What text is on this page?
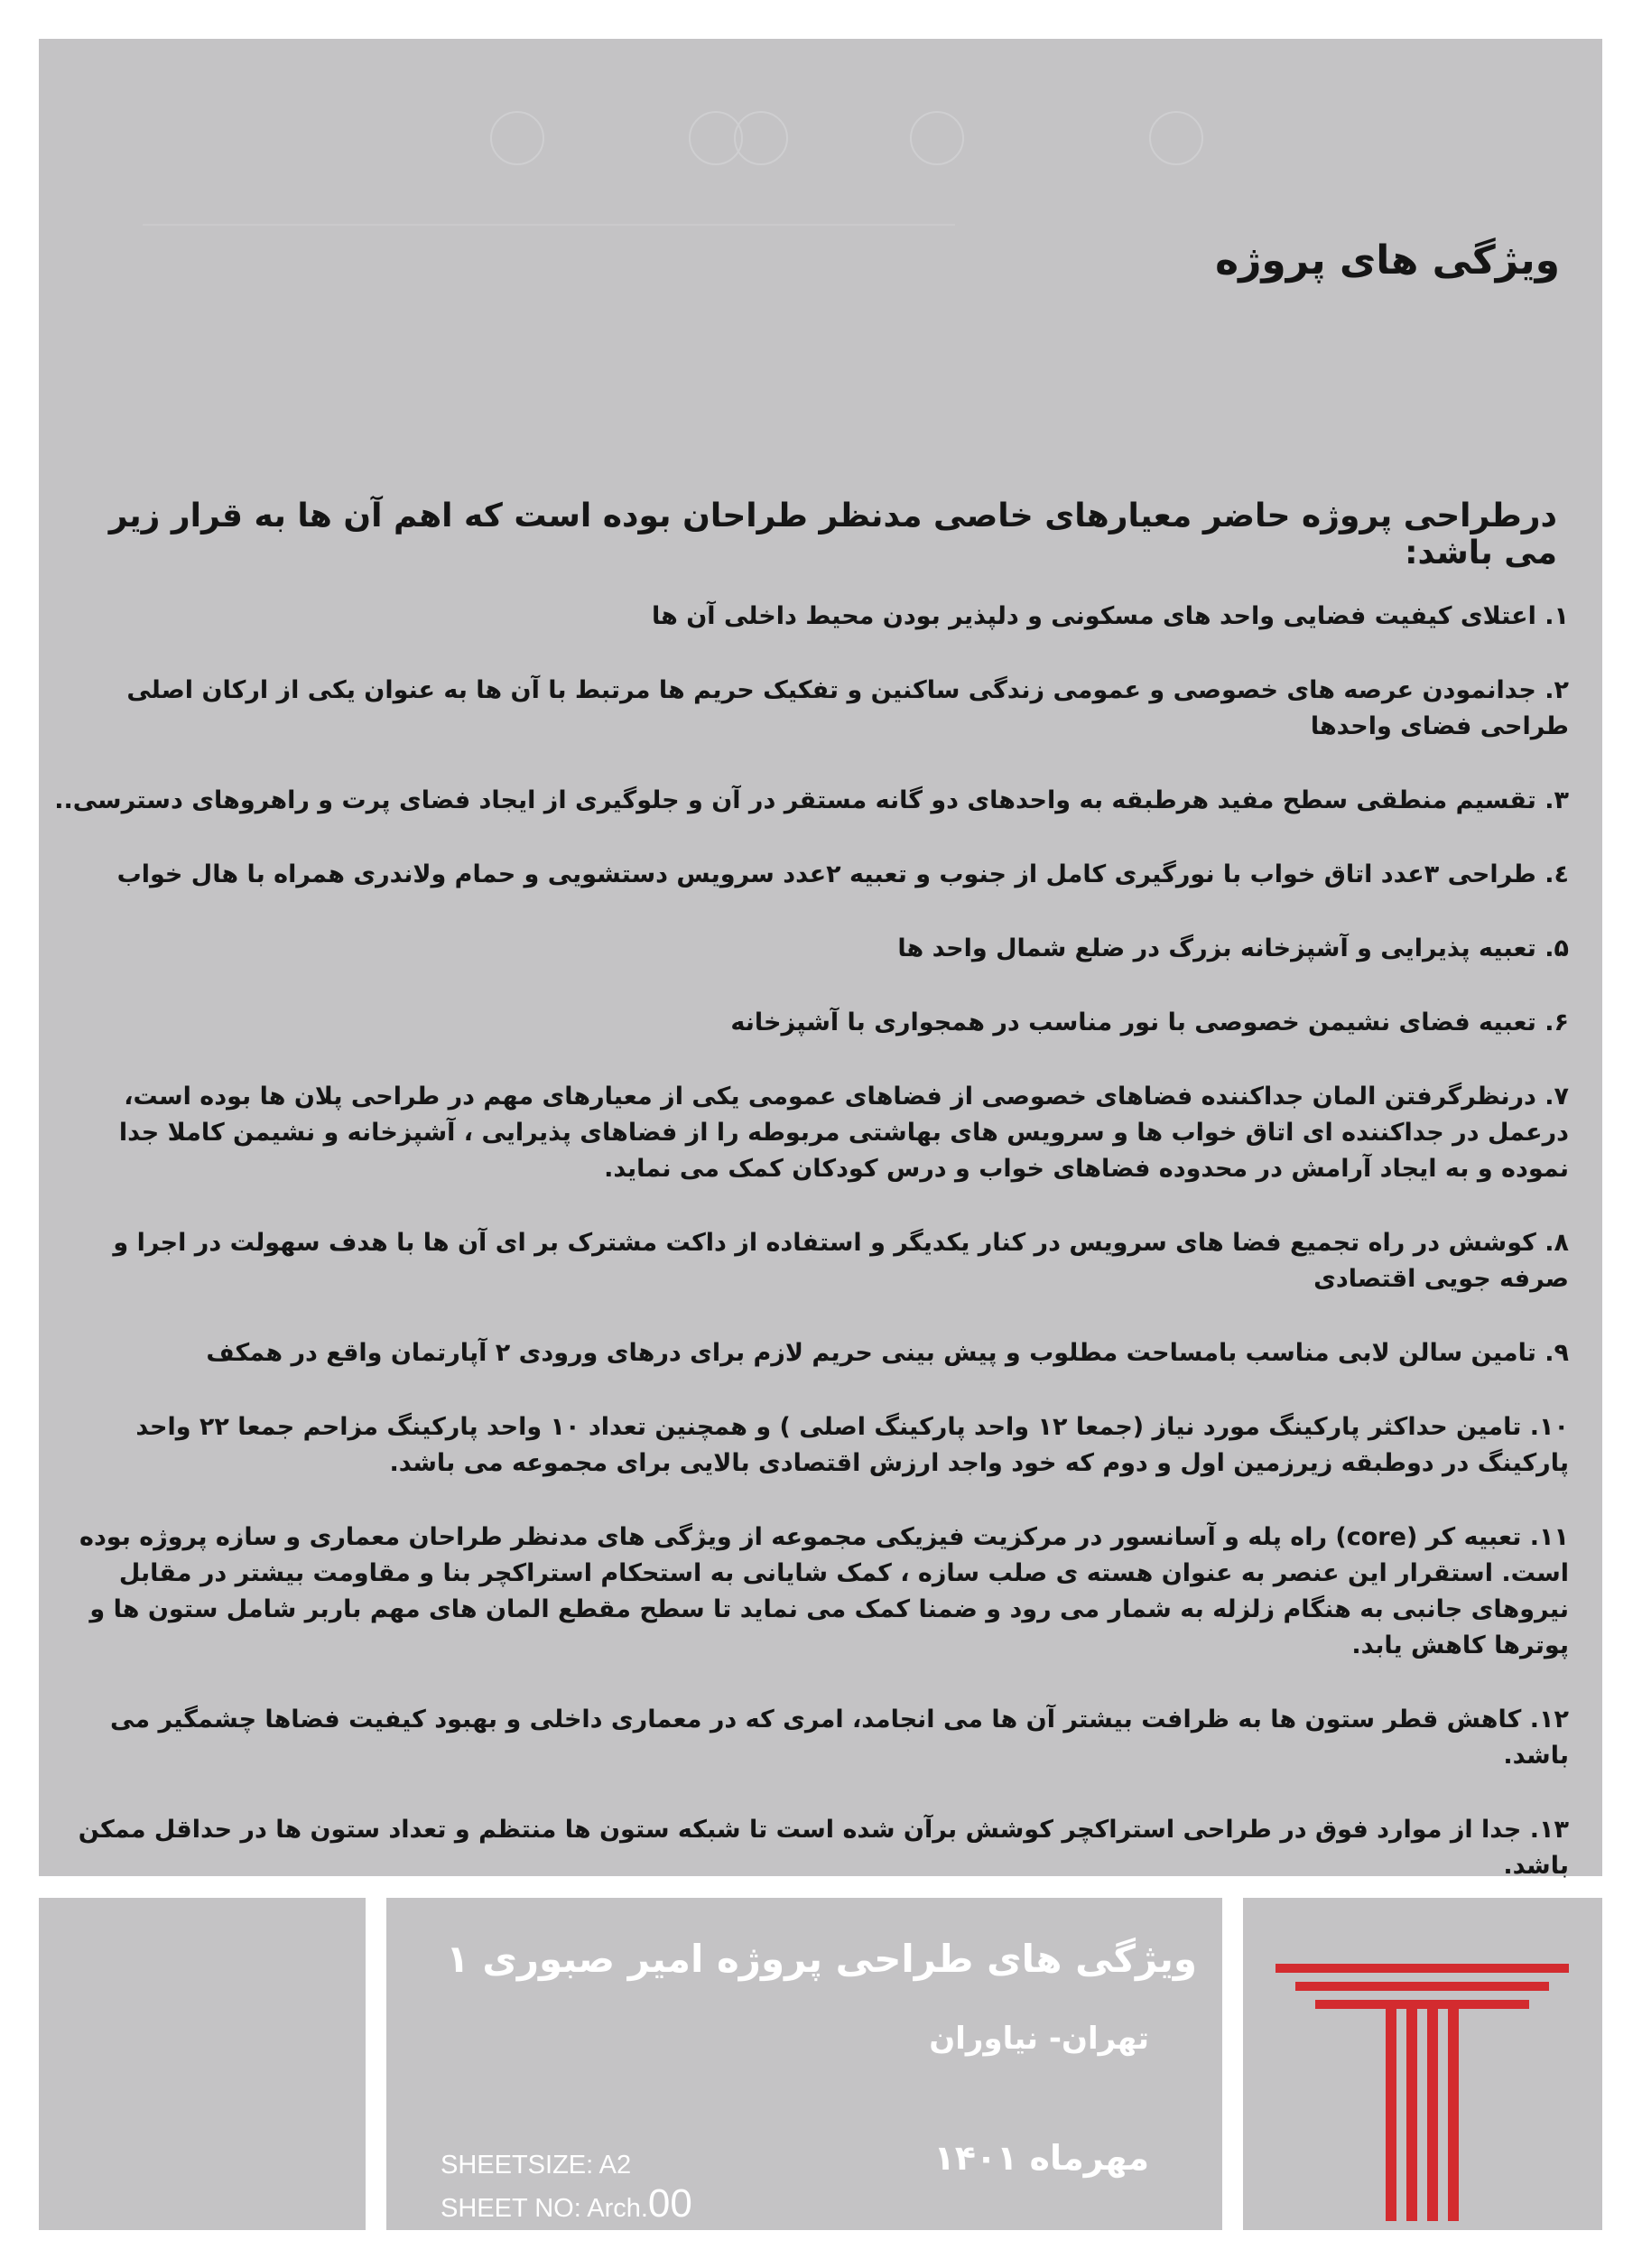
ویژگی های پروژه

درطراحی پروژه حاضر معیارهای خاصی مدنظر طراحان بوده است که اهم آن ها به قرار زیر می باشد:

۱. اعتلای کیفیت فضایی واحد های مسکونی و دلپذیر بودن محیط داخلی آن ها
۲. جدانمودن عرصه های خصوصی و عمومی زندگی ساکنین و تفکیک حریم ها مرتبط با آن ها به عنوان یکی از ارکان اصلی طراحی فضای واحدها
۳. تقسیم منطقی سطح مفید هرطبقه به واحدهای دو گانه مستقر در آن و جلوگیری از ایجاد فضای پرت و راهروهای دسترسی..
٤. طراحی ۳عدد اتاق خواب با نورگیری کامل از جنوب و تعبیه ۲عدد سرویس دستشویی و حمام ولاندری همراه با هال خواب
۵. تعبیه پذیرایی و آشپزخانه بزرگ در ضلع شمال واحد ها
۶. تعبیه فضای نشیمن خصوصی با نور مناسب در همجواری با آشپزخانه
۷. درنظرگرفتن المان جداکننده فضاهای خصوصی از فضاهای عمومی یکی از معیارهای مهم در طراحی پلان ها بوده است، درعمل در جداکننده ای اتاق خواب ها و سرویس های بهاشتی مربوطه را از فضاهای پذیرایی ، آشپزخانه و نشیمن کاملا جدا نموده و به ایجاد آرامش در محدوده فضاهای خواب و درس کودکان کمک می نماید.
۸. کوشش در راه تجمیع فضا های سرویس در کنار یکدیگر و استفاده از داکت مشترک بر ای آن ها با هدف سهولت در اجرا و صرفه جویی اقتصادی
۹. تامین سالن لابی مناسب بامساحت مطلوب و پیش بینی حریم لازم برای درهای ورودی ۲ آپارتمان واقع در همکف
۱۰. تامین حداکثر پارکینگ مورد نیاز (جمعا ۱۲ واحد پارکینگ اصلی ) و همچنین تعداد ۱۰ واحد پارکینگ مزاحم جمعا ۲۲ واحد پارکینگ در دوطبقه زیرزمین اول و دوم که خود واجد ارزش اقتصادی بالایی برای مجموعه می باشد.
۱۱. تعبیه کر (core) راه پله و آسانسور در مرکزیت فیزیکی مجموعه از ویژگی های مدنظر طراحان معماری و سازه پروژه بوده است. استقرار این عنصر به عنوان هسته ی صلب سازه ، کمک شایانی به استحکام استراکچر بنا و مقاومت بیشتر در مقابل نیروهای جانبی به هنگام زلزله به شمار می رود و ضمنا کمک می نماید تا سطح مقطع المان های مهم باربر شامل ستون ها و پوترها کاهش یابد.
۱۲. کاهش قطر ستون ها به ظرافت بیشتر آن ها می انجامد، امری که در معماری داخلی و بهبود کیفیت فضاها چشمگیر می باشد.
۱۳. جدا از موارد فوق در طراحی استراکچر کوشش برآن شده است تا شبکه ستون ها منتظم و تعداد ستون ها در حداقل ممکن باشد.
ویژگی های طراحی پروژه امیر صبوری ۱
تهران- نیاوران
مهرماه ۱۴۰۱
SHEETSIZE: A2
SHEET NO: Arch.00
